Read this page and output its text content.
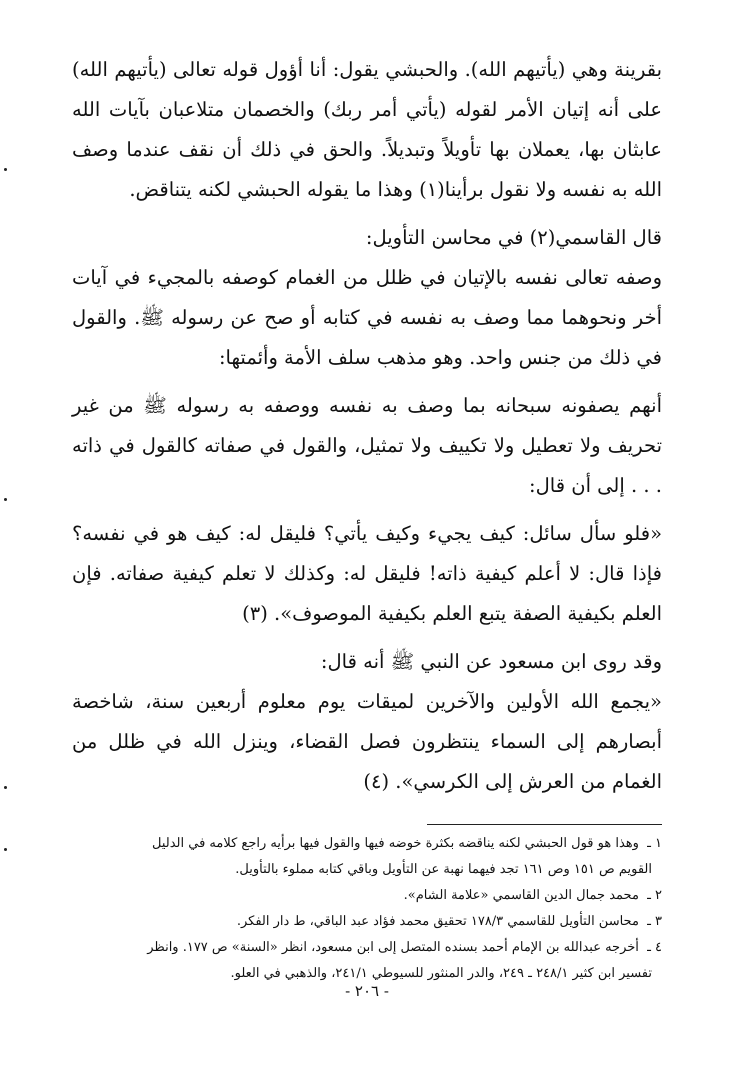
بقرينة وهي (يأتيهم الله). والحبشي يقول: أنا أؤول قوله تعالى (يأتيهم الله) على أنه إتيان الأمر لقوله (يأتي أمر ربك) والخصمان متلاعبان بآيات الله عابثان بها، يعملان بها تأويلاً وتبديلاً. والحق في ذلك أن نقف عندما وصف الله به نفسه ولا نقول برأينا(١) وهذا ما يقوله الحبشي لكنه يتناقض.

قال القاسمي(٢) في محاسن التأويل:

وصفه تعالى نفسه بالإتيان في ظلل من الغمام كوصفه بالمجيء في آيات أخر ونحوهما مما وصف به نفسه في كتابه أو صح عن رسوله ﷺ. والقول في ذلك من جنس واحد. وهو مذهب سلف الأمة وأئمتها:

أنهم يصفونه سبحانه بما وصف به نفسه ووصفه به رسوله ﷺ من غير تحريف ولا تعطيل ولا تكييف ولا تمثيل، والقول في صفاته كالقول في ذاته . . . إلى أن قال:

«فلو سأل سائل: كيف يجيء وكيف يأتي؟ فليقل له: كيف هو في نفسه؟ فإذا قال: لا أعلم كيفية ذاته! فليقل له: وكذلك لا تعلم كيفية صفاته. فإن العلم بكيفية الصفة يتبع العلم بكيفية الموصوف». (٣)

وقد روى ابن مسعود عن النبي ﷺ أنه قال:

«يجمع الله الأولين والآخرين لميقات يوم معلوم أربعين سنة، شاخصة أبصارهم إلى السماء ينتظرون فصل القضاء، وينزل الله في ظلل من الغمام من العرش إلى الكرسي». (٤)

١ ـ وهذا هو قول الحبشي لكنه يناقضه بكثرة خوضه فيها والقول فيها برأيه راجع كلامه في الدليل
القويم ص ١٥١ وص ١٦١ تجد فيهما نهبة عن التأويل وباقي كتابه مملوء بالتأويل.

٢ ـ محمد جمال الدين القاسمي «علامة الشام».

٣ ـ محاسن التأويل للقاسمي ١٧٨/٣ تحقيق محمد فؤاد عبد الباقي، ط دار الفكر.

٤ ـ أخرجه عبدالله بن الإمام أحمد بسنده المتصل إلى ابن مسعود، انظر «السنة» ص ١٧٧. وانظر
تفسير ابن كثير ٢٤٨/١ ـ ٢٤٩، والدر المنثور للسيوطي ٢٤١/١، والذهبي في العلو.

- ٢٠٦ -
